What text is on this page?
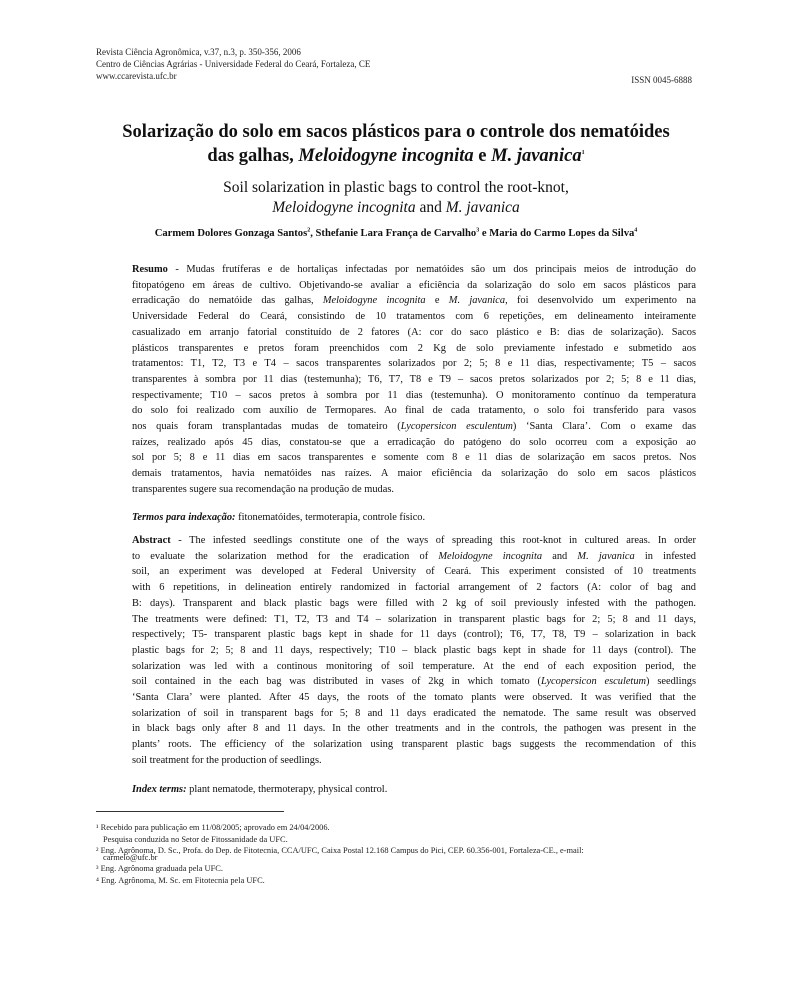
Revista Ciência Agronômica, v.37, n.3, p. 350-356, 2006
Centro de Ciências Agrárias - Universidade Federal do Ceará, Fortaleza, CE
www.ccarevista.ufc.br	ISSN 0045-6888
Solarização do solo em sacos plásticos para o controle dos nematóides
das galhas, Meloidogyne incognita e M. javanica$^1$
Soil solarization in plastic bags to control the root-knot,
Meloidogyne incognita and M. javanica
Carmem Dolores Gonzaga Santos$^2$, Sthefanie Lara França de Carvalho$^3$ e Maria do Carmo Lopes da Silva$^4$
Resumo - Mudas frutíferas e de hortaliças infectadas por nematóides são um dos principais meios de introdução do
fitopatógeno em áreas de cultivo. Objetivando-se avaliar a eficiência da solarização do solo em sacos plásticos para
erradicação do nematóide das galhas, Meloidogyne incognita e M. javanica, foi desenvolvido um experimento na
Universidade Federal do Ceará, consistindo de 10 tratamentos com 6 repetições, em delineamento inteiramente
casualizado em arranjo fatorial constituído de 2 fatores (A: cor do saco plástico e B: dias de solarização). Sacos
plásticos transparentes e pretos foram preenchidos com 2 Kg de solo previamente infestado e submetido aos
tratamentos: T1, T2, T3 e T4 – sacos transparentes solarizados por 2; 5; 8 e 11 dias, respectivamente; T5 – sacos
transparentes à sombra por 11 dias (testemunha); T6, T7, T8 e T9 – sacos pretos solarizados por 2; 5; 8 e 11 dias,
respectivamente; T10 – sacos pretos à sombra por 11 dias (testemunha). O monitoramento contínuo da temperatura
do solo foi realizado com auxílio de Termopares. Ao final de cada tratamento, o solo foi transferido para vasos
nos quais foram transplantadas mudas de tomateiro (Lycopersicon esculentum) ‘Santa Clara’. Com o exame das
raízes, realizado após 45 dias, constatou-se que a erradicação do patógeno do solo ocorreu com a exposição ao
sol por 5; 8 e 11 dias em sacos transparentes e somente com 8 e 11 dias de solarização em sacos pretos. Nos
demais tratamentos, havia nematóides nas raízes. A maior eficiência da solarização do solo em sacos plásticos
transparentes sugere sua recomendação na produção de mudas.
Termos para indexação: fitonematóides, termoterapia, controle físico.
Abstract - The infested seedlings constitute one of the ways of spreading this root-knot in cultured areas. In order
to evaluate the solarization method for the eradication of Meloidogyne incognita and M. javanica in infested
soil, an experiment was developed at Federal University of Ceará. This experiment consisted of 10 treatments
with 6 repetitions, in delineation entirely randomized in factorial arrangement of 2 factors (A: color of bag and
B: days). Transparent and black plastic bags were filled with 2 kg of soil previously infested with the pathogen.
The treatments were defined: T1, T2, T3 and T4 – solarization in transparent plastic bags for 2; 5; 8 and 11 days,
respectively; T5- transparent plastic bags kept in shade for 11 days (control); T6, T7, T8, T9 – solarization in back
plastic bags for 2; 5; 8 and 11 days, respectively; T10 – black plastic bags kept in shade for 11 days (control). The
solarization was led with a continous monitoring of soil temperature. At the end of each exposition period, the
soil contained in the each bag was distributed in vases of 2kg in which tomato (Lycopersicon esculetum) seedlings
‘Santa Clara’ were planted. After 45 days, the roots of the tomato plants were observed. It was verified that the
solarization of soil in transparent bags for 5; 8 and 11 days eradicated the nematode. The same result was observed
in black bags only after 8 and 11 days. In the other treatments and in the controls, the pathogen was present in the
plants’ roots. The efficiency of the solarization using transparent plastic bags suggests the recommendation of this
soil treatment for the production of seedlings.
Index terms: plant nematode, thermoterapy, physical control.
¹ Recebido para publicação em 11/08/2005; aprovado em 24/04/2006.
Pesquisa conduzida no Setor de Fitossanidade da UFC.
² Eng. Agrônoma, D. Sc., Profa. do Dep. de Fitotecnia, CCA/UFC, Caixa Postal 12.168 Campus do Pici, CEP. 60.356-001, Fortaleza-CE., e-mail:
carmelo@ufc.br
³ Eng. Agrônoma graduada pela UFC.
⁴ Eng. Agrônoma, M. Sc. em Fitotecnia pela UFC.
